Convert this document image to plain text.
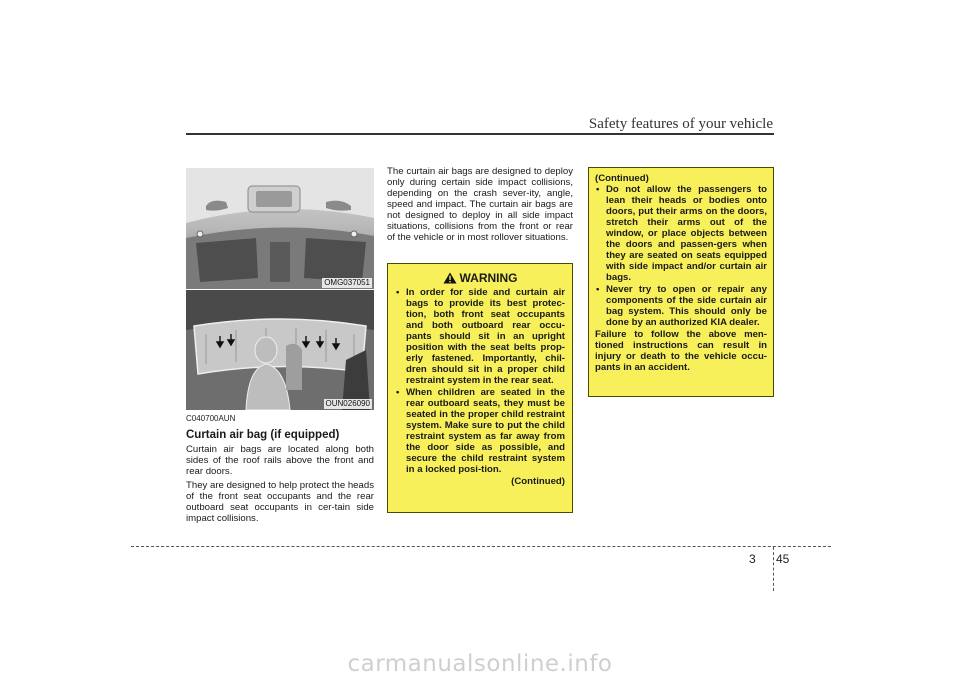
Safety features of your vehicle
OMG037051
OUN026090
C040700AUN
Curtain air bag (if equipped)

Curtain air bags are located along both sides of the roof rails above the front and rear doors.

They are designed to help protect the heads of the front seat occupants and the rear outboard seat occupants in cer-tain side impact collisions.

The curtain air bags are designed to deploy only during certain side impact collisions, depending on the crash sever-ity, angle, speed and impact. The curtain air bags are not designed to deploy in all side impact situations, collisions from the front or rear of the vehicle or in most rollover situations.

WARNING
• In order for side and curtain air bags to provide its best protec-tion, both front seat occupants and both outboard rear occu-pants should sit in an upright position with the seat belts prop-erly fastened. Importantly, chil-dren should sit in a proper child restraint system in the rear seat.
• When children are seated in the rear outboard seats, they must be seated in the proper child restraint system. Make sure to put the child restraint system as far away from the door side as possible, and secure the child restraint system in a locked posi-tion.
(Continued)
(Continued)
• Do not allow the passengers to lean their heads or bodies onto doors, put their arms on the doors, stretch their arms out of the window, or place objects between the doors and passen-gers when they are seated on seats equipped with side impact and/or curtain air bags.
• Never try to open or repair any components of the side curtain air bag system. This should only be done by an authorized KIA dealer.
Failure to follow the above men-tioned instructions can result in injury or death to the vehicle occu-pants in an accident.
3 45
carmanualsonline.info
